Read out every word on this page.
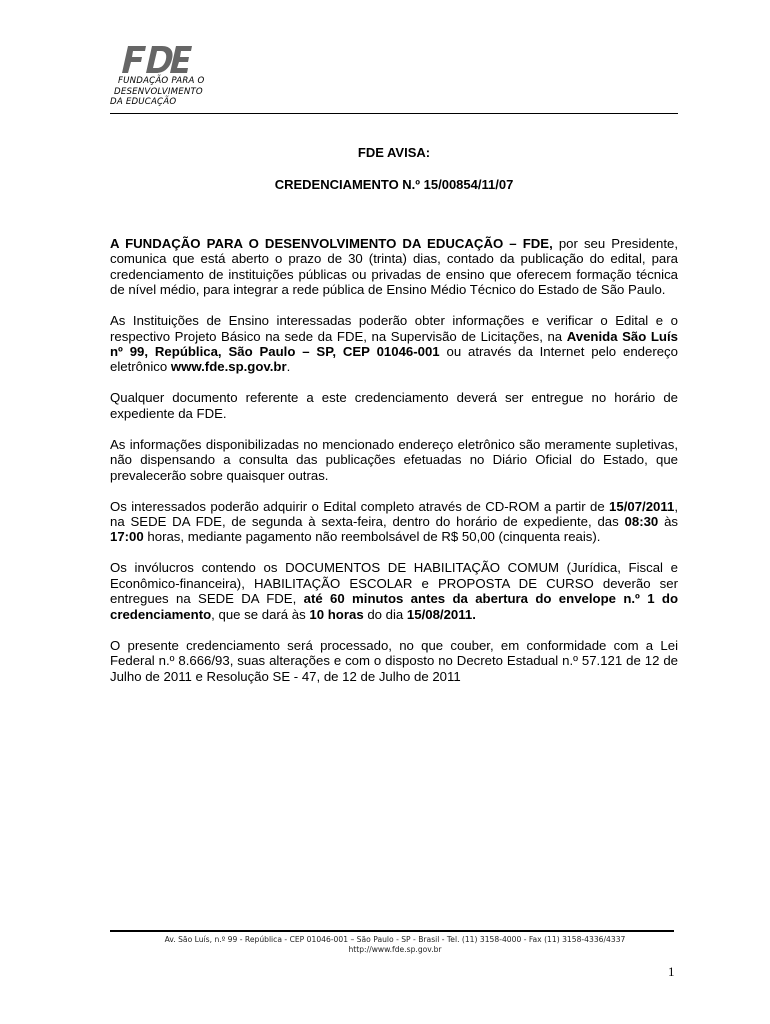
FUNDAÇÃO PARA O
DESENVOLVIMENTO
DA EDUCAÇÃO
FDE AVISA:
CREDENCIAMENTO N.º 15/00854/11/07

A FUNDAÇÃO PARA O DESENVOLVIMENTO DA EDUCAÇÃO – FDE, por seu Presidente, comunica que está aberto o prazo de 30 (trinta) dias, contado da publicação do edital, para credenciamento de instituições públicas ou privadas de ensino que oferecem formação técnica de nível médio, para integrar a rede pública de Ensino Médio Técnico do Estado de São Paulo.

As Instituições de Ensino interessadas poderão obter informações e verificar o Edital e o respectivo Projeto Básico na sede da FDE, na Supervisão de Licitações, na Avenida São Luís nº 99, República, São Paulo – SP, CEP 01046-001 ou através da Internet pelo endereço eletrônico www.fde.sp.gov.br.

Qualquer documento referente a este credenciamento deverá ser entregue no horário de expediente da FDE.

As informações disponibilizadas no mencionado endereço eletrônico são meramente supletivas, não dispensando a consulta das publicações efetuadas no Diário Oficial do Estado, que prevalecerão sobre quaisquer outras.

Os interessados poderão adquirir o Edital completo através de CD-ROM a partir de 15/07/2011, na SEDE DA FDE, de segunda à sexta-feira, dentro do horário de expediente, das 08:30 às 17:00 horas, mediante pagamento não reembolsável de R$ 50,00 (cinquenta reais).

Os invólucros contendo os DOCUMENTOS DE HABILITAÇÃO COMUM (Jurídica, Fiscal e Econômico-financeira), HABILITAÇÃO ESCOLAR e PROPOSTA DE CURSO deverão ser entregues na SEDE DA FDE, até 60 minutos antes da abertura do envelope n.º 1 do credenciamento, que se dará às 10 horas do dia 15/08/2011.

O presente credenciamento será processado, no que couber, em conformidade com a Lei Federal n.º 8.666/93, suas alterações e com o disposto no Decreto Estadual n.º 57.121 de 12 de Julho de 2011 e Resolução SE - 47, de 12 de Julho de 2011

Av. São Luís, n.º 99 - República - CEP 01046-001 – São Paulo - SP - Brasil - Tel. (11) 3158-4000 - Fax (11) 3158-4336/4337
http://www.fde.sp.gov.br
1
